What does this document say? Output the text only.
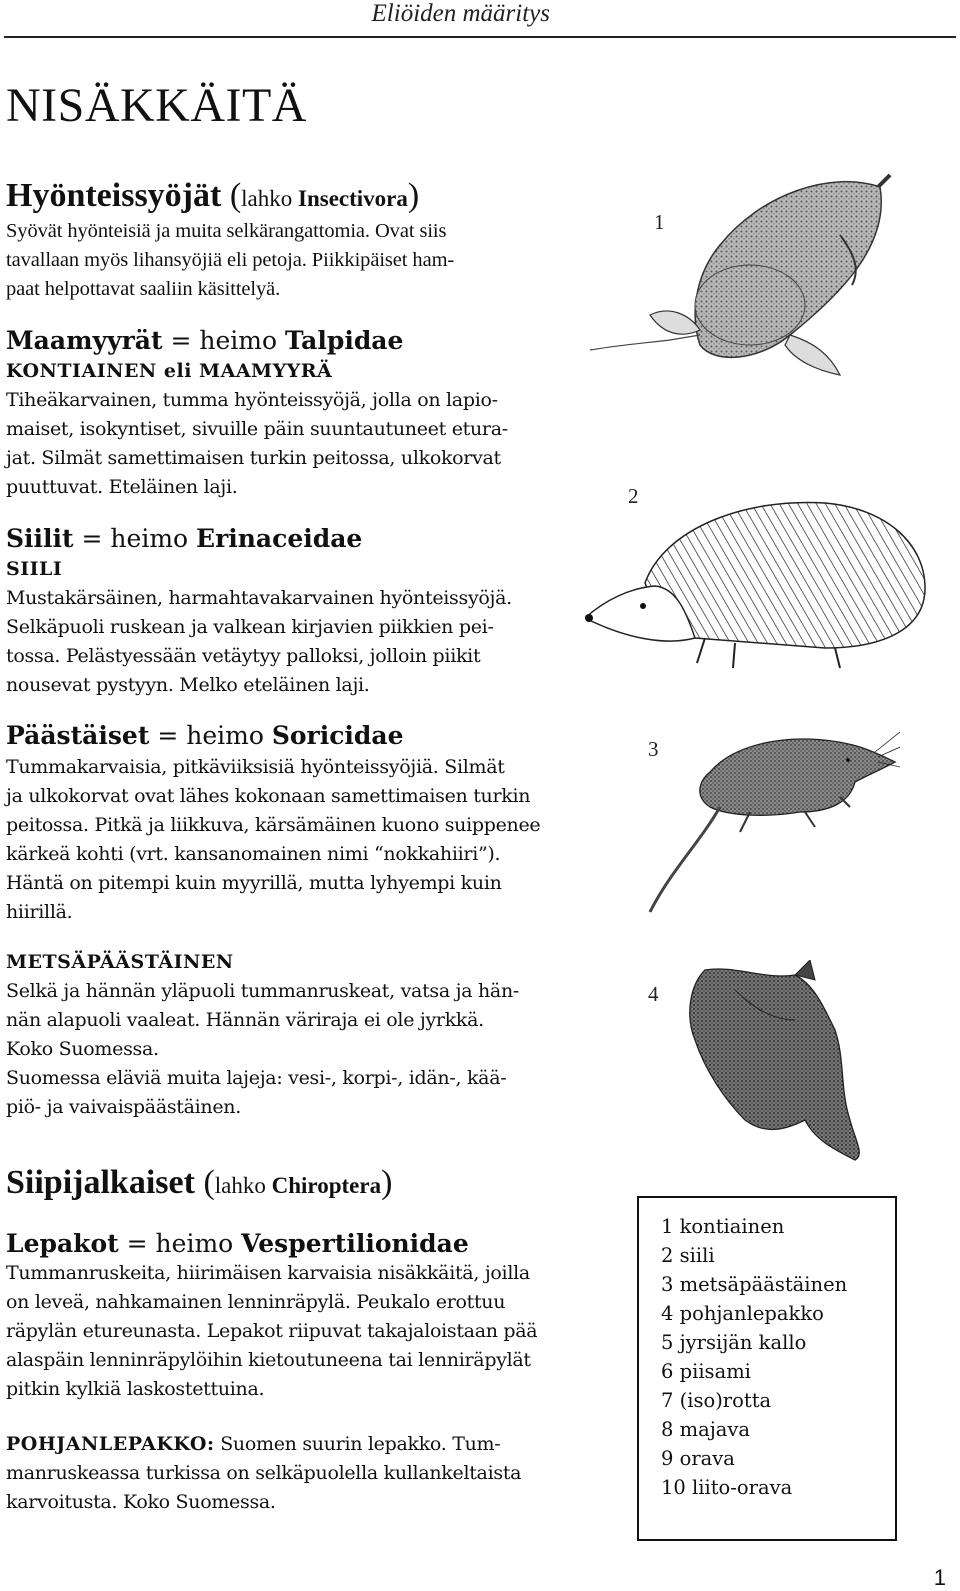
Eliöiden määritys
NISÄKKÄITÄ
Hyönteissyöjät (lahko Insectivora)
Syövät hyönteisiä ja muita selkärangattomia. Ovat siis
tavallaan myös lihansyöjiä eli petoja. Piikkipäiset ham-
paat helpottavat saaliin käsittelyä.
Maamyyrät = heimo Talpidae
KONTIAINEN eli MAAMYYRÄ
Tiheäkarvainen, tumma hyönteissyöjä, jolla on lapio-
maiset, isokyntiset, sivuille päin suuntautuneet etura-
jat. Silmät samettimaisen turkin peitossa, ulkokorvat
puuttuvat. Eteläinen laji.
Siilit = heimo Erinaceidae
SIILI
Mustakärsäinen, harmahtavakarvainen hyönteissyöjä.
Selkäpuoli ruskean ja valkean kirjavien piikkien pei-
tossa. Pelästyessään vetäytyy palloksi, jolloin piikit
nousevat pystyyn. Melko eteläinen laji.
Päästäiset = heimo Soricidae
Tummakarvaisia, pitkäviiksisiä hyönteissyöjiä. Silmät
ja ulkokorvat ovat lähes kokonaan samettimaisen turkin
peitossa. Pitkä ja liikkuva, kärsämäinen kuono suippenee
kärkeä kohti (vrt. kansanomainen nimi “nokkahiiri”).
Häntä on pitempi kuin myyrillä, mutta lyhyempi kuin
hiirillä.
METSÄPÄÄSTÄINEN
Selkä ja hännän yläpuoli tummanruskeat, vatsa ja hän-
nän alapuoli vaaleat. Hännän väriraja ei ole jyrkkä.
Koko Suomessa.
Suomessa eläviä muita lajeja: vesi-, korpi-, idän-, kää-
piö- ja vaivaispäästäinen.
Siipijalkaiset (lahko Chiroptera)
Lepakot = heimo Vespertilionidae
Tummanruskeita, hiirimäisen karvaisia nisäkkäitä, joilla
on leveä, nahkamainen lenninräpylä. Peukalo erottuu
räpylän etureunasta. Lepakot riipuvat takajaloistaan pää
alaspäin lenninräpylöihin kietoutuneena tai lenniräpylät
pitkin kylkiä laskostettuina.
POHJANLEPAKKO: Suomen suurin lepakko. Tum-
manruskeassa turkissa on selkäpuolella kullankeltaista
karvoitusta. Koko Suomessa.
1
2
3
4
1 kontiainen
2 siili
3 metsäpäästäinen
4 pohjanlepakko
5 jyrsijän kallo
6 piisami
7 (iso)rotta
8 majava
9 orava
10 liito-orava
1
